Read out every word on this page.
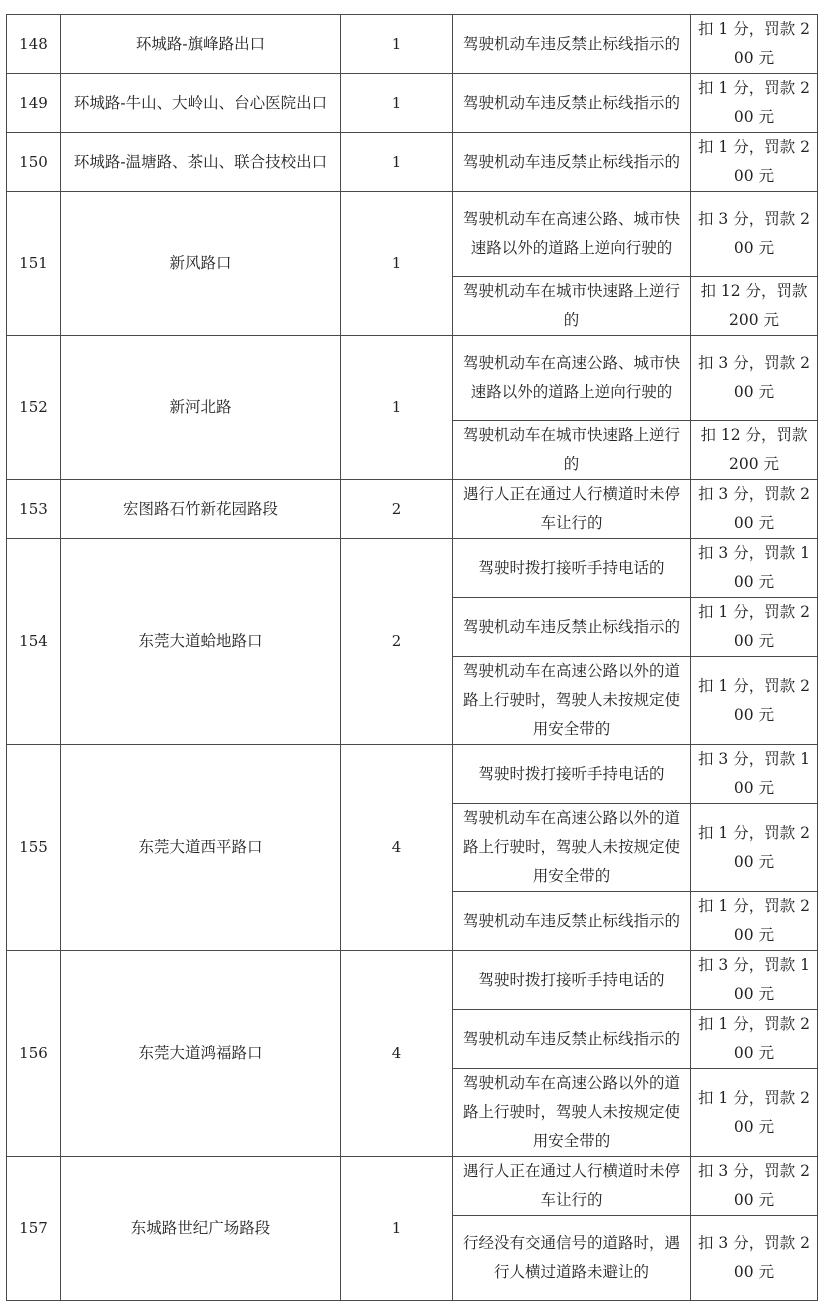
148	环城路-旗峰路出口	1	驾驶机动车违反禁止标线指示的	扣 1 分，罚款 200 元
149	环城路-牛山、大岭山、台心医院出口	1	驾驶机动车违反禁止标线指示的	扣 1 分，罚款 200 元
150	环城路-温塘路、茶山、联合技校出口	1	驾驶机动车违反禁止标线指示的	扣 1 分，罚款 200 元
151	新风路口	1	驾驶机动车在高速公路、城市快速路以外的道路上逆向行驶的	扣 3 分，罚款 200 元
			驾驶机动车在城市快速路上逆行的	扣 12 分，罚款 200 元
152	新河北路	1	驾驶机动车在高速公路、城市快速路以外的道路上逆向行驶的	扣 3 分，罚款 200 元
			驾驶机动车在城市快速路上逆行的	扣 12 分，罚款 200 元
153	宏图路石竹新花园路段	2	遇行人正在通过人行横道时未停车让行的	扣 3 分，罚款 200 元
154	东莞大道蛤地路口	2	驾驶时拨打接听手持电话的	扣 3 分，罚款 100 元
			驾驶机动车违反禁止标线指示的	扣 1 分，罚款 200 元
			驾驶机动车在高速公路以外的道路上行驶时，驾驶人未按规定使用安全带的	扣 1 分，罚款 200 元
155	东莞大道西平路口	4	驾驶时拨打接听手持电话的	扣 3 分，罚款 100 元
			驾驶机动车在高速公路以外的道路上行驶时，驾驶人未按规定使用安全带的	扣 1 分，罚款 200 元
			驾驶机动车违反禁止标线指示的	扣 1 分，罚款 200 元
156	东莞大道鸿福路口	4	驾驶时拨打接听手持电话的	扣 3 分，罚款 100 元
			驾驶机动车违反禁止标线指示的	扣 1 分，罚款 200 元
			驾驶机动车在高速公路以外的道路上行驶时，驾驶人未按规定使用安全带的	扣 1 分，罚款 200 元
157	东城路世纪广场路段	1	遇行人正在通过人行横道时未停车让行的	扣 3 分，罚款 200 元
			行经没有交通信号的道路时，遇行人横过道路未避让的	扣 3 分，罚款 200 元
